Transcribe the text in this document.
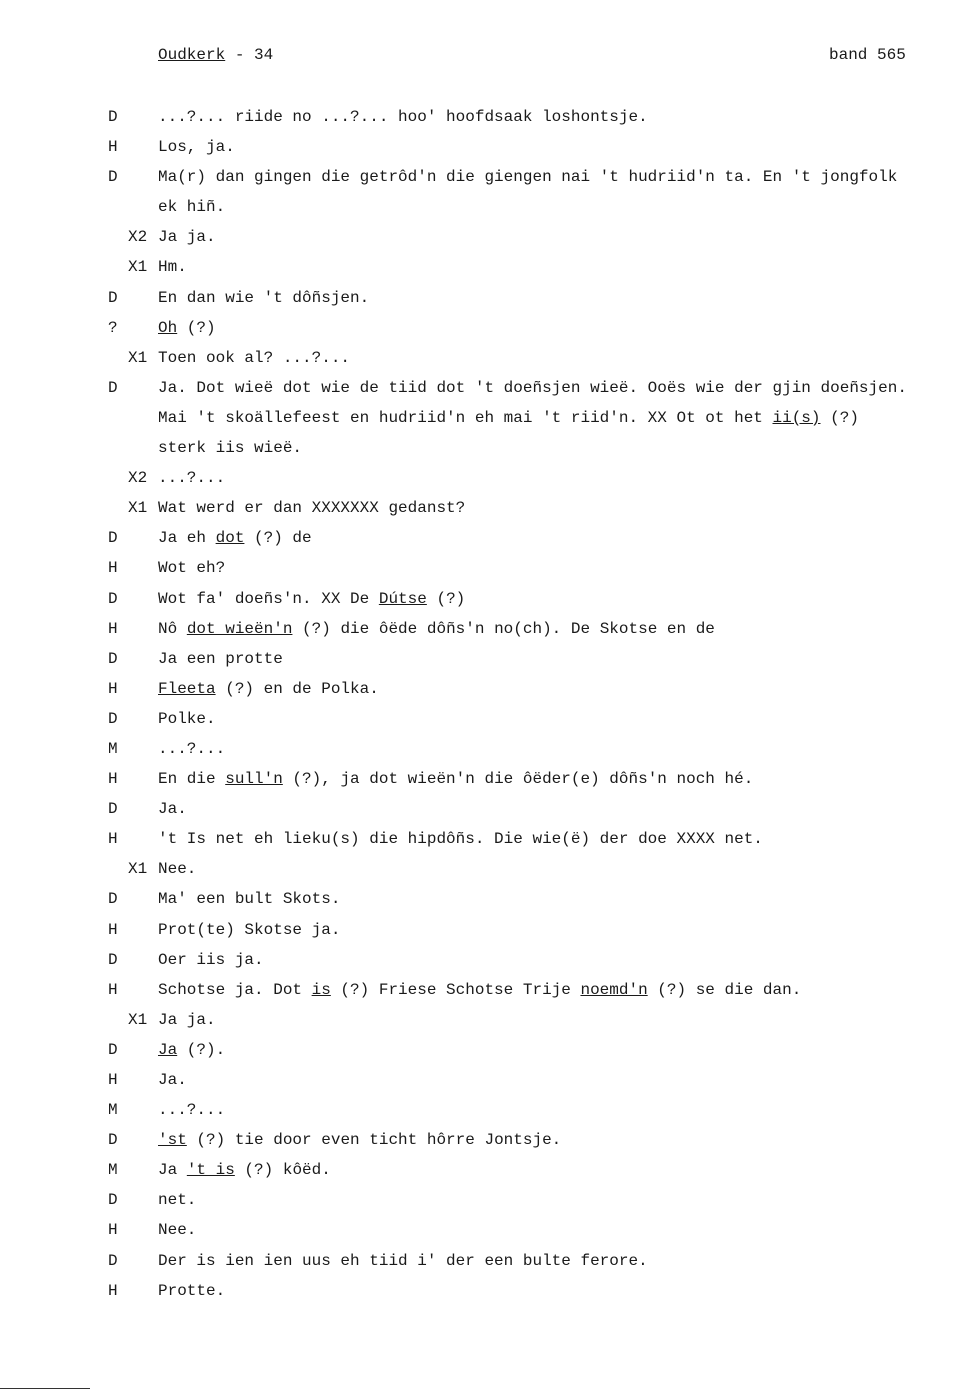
Oudkerk - 34	band 565
D	...?... riide no ...?... hoo' hoofdsaak loshontsje.
H	Los, ja.
D	Ma(r) dan gingen die getrôd'n die giengen nai 't hudriid'n ta. En 't jongfolk
ek hiñ.
X2 Ja ja.
X1 Hm.
D	En dan wie 't dôñsjen.
?	Oh (?)
X1 Toen ook al? ...?...
D	Ja. Dot wieë dot wie de tiid dot 't doeñsjen wieë. Ooës wie der gjin doeñsjen.
Mai 't skoällefeest en hudriid'n eh mai 't riid'n. XX Ot ot het ii(s) (?)
sterk iis wieë.
X2 ...?...
X1 Wat werd er dan XXXXXXX gedanst?
D	Ja eh dot (?) de
H	Wot eh?
D	Wot fa' doeñs'n. XX De Dútse (?)
H	Nô dot wieën'n (?) die ôëde dôñs'n no(ch). De Skotse en de
D	Ja een protte
H	Fleeta (?) en de Polka.
D	Polke.
M	...?...
H	En die sull'n (?), ja dot wieën'n die ôëder(e) dôñs'n noch hé.
D	Ja.
H	't Is net eh lieku(s) die hipdôñs. Die wie(ë) der doe XXXX net.
X1 Nee.
D	Ma' een bult Skots.
H	Prot(te) Skotse ja.
D	Oer iis ja.
H	Schotse ja. Dot is (?) Friese Schotse Trije noemd'n (?) se die dan.
X1 Ja ja.
D	Ja (?).
H	Ja.
M	...?...
D	'st (?) tie door even ticht hôrre Jontsje.
M	Ja 't is (?) kôëd.
D	net.
H	Nee.
D	Der is ien ien uus eh tiid i' der een bulte ferore.
H	Protte.
